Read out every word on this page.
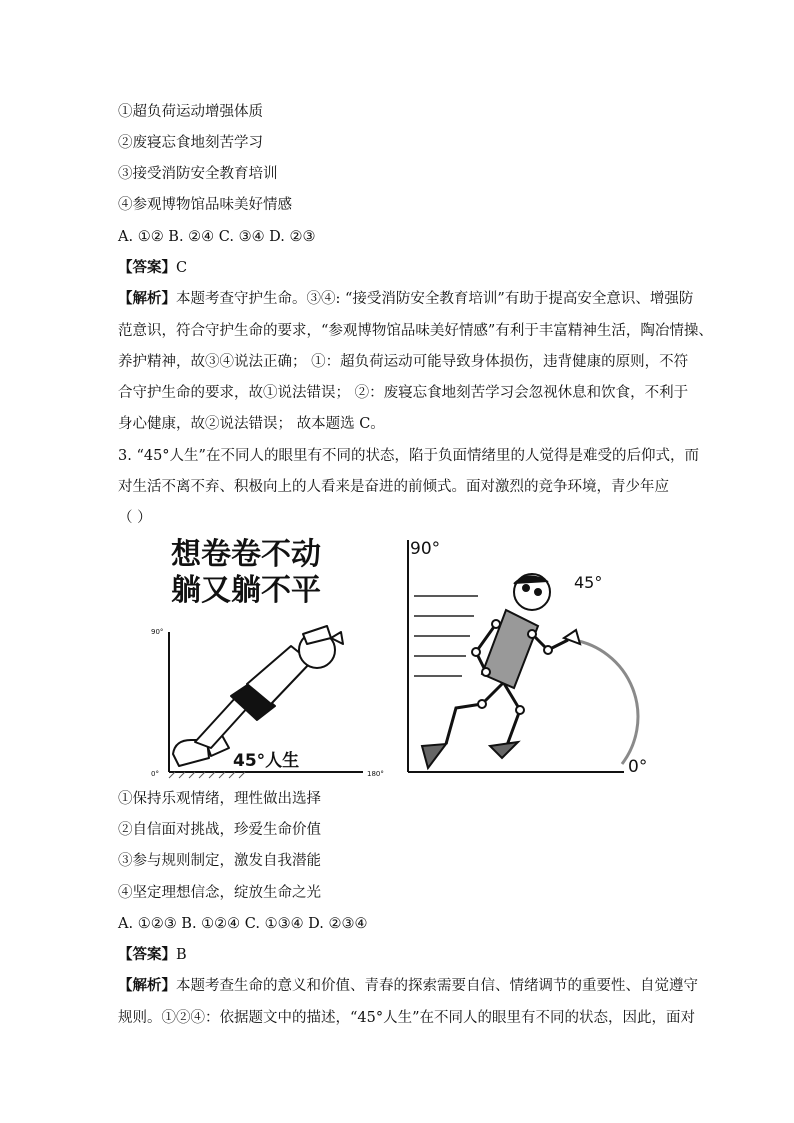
①超负荷运动增强体质
②废寝忘食地刻苦学习
③接受消防安全教育培训
④参观博物馆品味美好情感
A. ①② B. ②④ C. ③④ D. ②③
【答案】C
【解析】本题考查守护生命。③④: “接受消防安全教育培训”有助于提高安全意识、增强防
范意识，符合守护生命的要求，“参观博物馆品味美好情感”有利于丰富精神生活，陶冶情操、
养护精神，故③④说法正确； ①：超负荷运动可能导致身体损伤，违背健康的原则，不符
合守护生命的要求，故①说法错误； ②：废寝忘食地刻苦学习会忽视休息和饮食，不利于
身心健康，故②说法错误； 故本题选 C。
3. “45°人生”在不同人的眼里有不同的状态，陷于负面情绪里的人觉得是难受的后仰式，而
对生活不离不弃、积极向上的人看来是奋进的前倾式。面对激烈的竞争环境，青少年应
（ ）
想卷卷不动
躺又躺不平
90°
0°	180°
45°人生
90°
45°
0°
①保持乐观情绪，理性做出选择
②自信面对挑战，珍爱生命价值
③参与规则制定，激发自我潜能
④坚定理想信念，绽放生命之光
A. ①②③ B. ①②④ C. ①③④ D. ②③④
【答案】B
【解析】本题考查生命的意义和价值、青春的探索需要自信、情绪调节的重要性、自觉遵守
规则。①②④：依据题文中的描述，“45°人生”在不同人的眼里有不同的状态，因此，面对
